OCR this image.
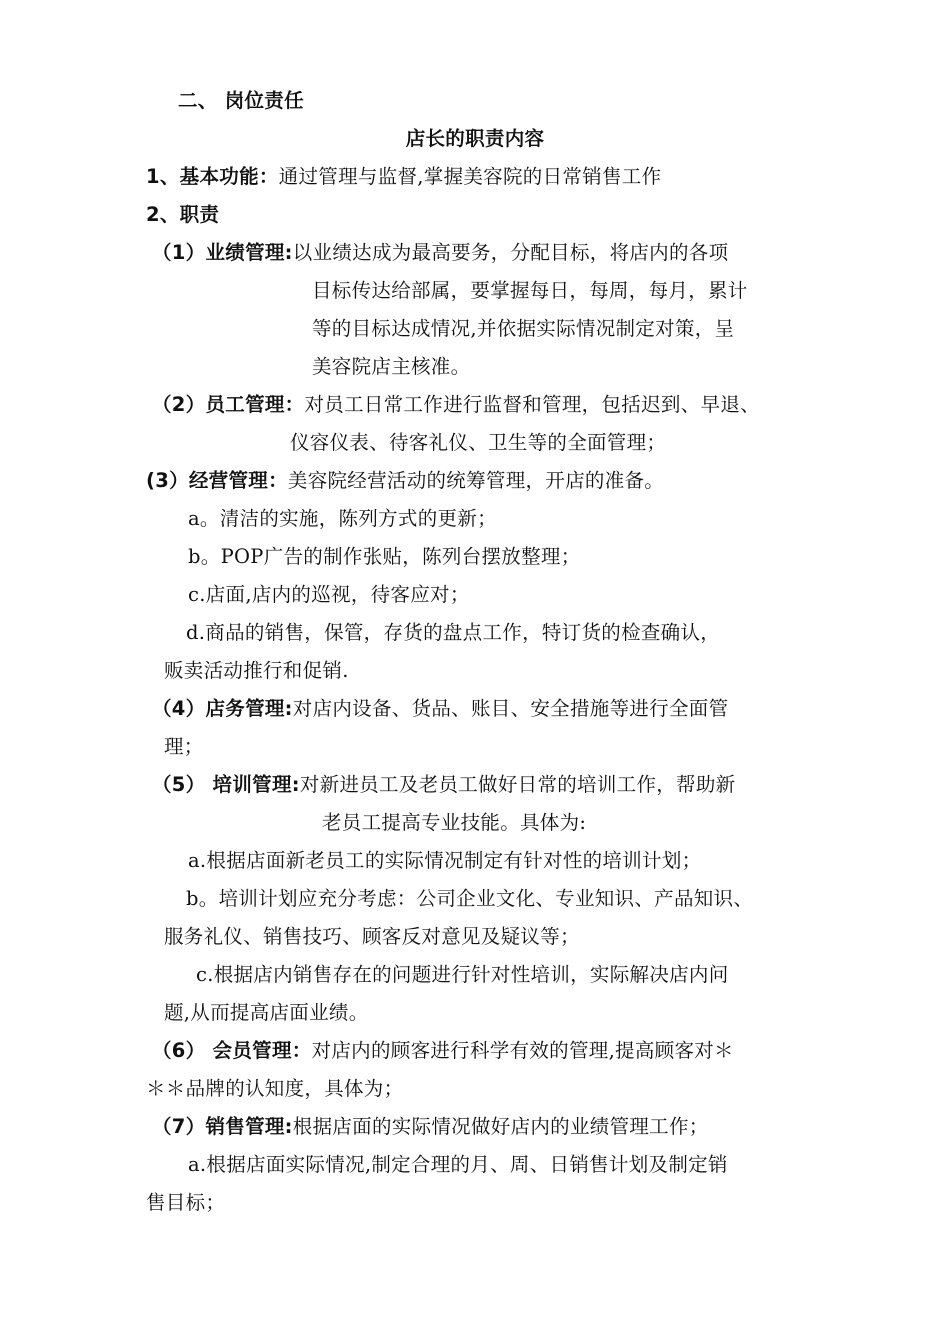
二、 岗位责任

店长的职责内容

1、基本功能：通过管理与监督,掌握美容院的日常销售工作

2、职责

（1）业绩管理:以业绩达成为最高要务，分配目标，将店内的各项

目标传达给部属，要掌握每日，每周，每月，累计

等的目标达成情况,并依据实际情况制定对策，呈

美容院店主核准。

（2）员工管理：对员工日常工作进行监督和管理，包括迟到、早退、

仪容仪表、待客礼仪、卫生等的全面管理；

(3）经营管理：美容院经营活动的统筹管理，开店的准备。

a。清洁的实施，陈列方式的更新；

b。POP广告的制作张贴，陈列台摆放整理；

c.店面,店内的巡视，待客应对；

d.商品的销售，保管，存货的盘点工作，特订货的检查确认，

贩卖活动推行和促销.

（4）店务管理:对店内设备、货品、账目、安全措施等进行全面管

理；

（5） 培训管理:对新进员工及老员工做好日常的培训工作，帮助新

老员工提高专业技能。具体为:

a.根据店面新老员工的实际情况制定有针对性的培训计划；

b。培训计划应充分考虑：公司企业文化、专业知识、产品知识、

服务礼仪、销售技巧、顾客反对意见及疑议等；

c.根据店内销售存在的问题进行针对性培训，实际解决店内问

题,从而提高店面业绩。

（6） 会员管理：对店内的顾客进行科学有效的管理,提高顾客对＊

＊＊品牌的认知度，具体为；

（7）销售管理:根据店面的实际情况做好店内的业绩管理工作；

a.根据店面实际情况,制定合理的月、周、日销售计划及制定销

售目标；
